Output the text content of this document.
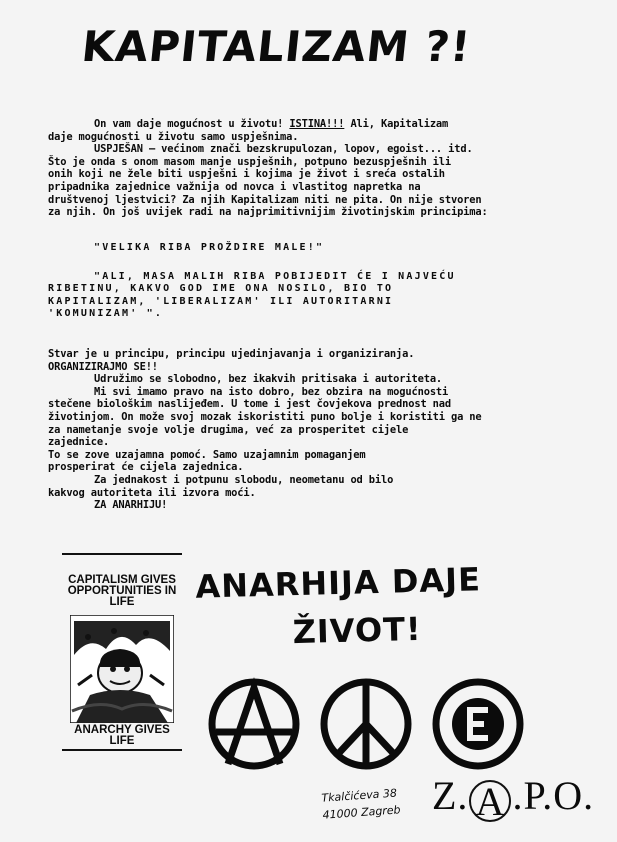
KAPITALIZAM ?!

On vam daje mogućnost u životu! ISTINA!!! Ali, Kapitalizam

daje mogućnosti u životu samo uspješnima.

USPJEŠAN – većinom znači bezskrupulozan, lopov, egoist... itd.

Što je onda s onom masom manje uspješnih, potpuno bezuspješnih ili

onih koji ne žele biti uspješni i kojima je život i sreća ostalih

pripadnika zajednice važnija od novca i vlastitog napretka na

društvenoj ljestvici? Za njih Kapitalizam niti ne pita. On nije stvoren

za njih. On još uvijek radi na najprimitivnijim životinjskim principima:

"VELIKA RIBA PROŽDIRE MALE!"

"ALI, MASA MALIH RIBA POBIJEDIT ĆE I NAJVEĆU

RIBETINU, KAKVO GOD IME ONA NOSILO, BIO TO

KAPITALIZAM, 'LIBERALIZAM' ILI AUTORITARNI

'KOMUNIZAM' ".

Stvar je u principu, principu ujedinjavanja i organiziranja.

ORGANIZIRAJMO SE!!

Udružimo se slobodno, bez ikakvih pritisaka i autoriteta.

Mi svi imamo pravo na isto dobro, bez obzira na mogućnosti

stečene biološkim naslijeđem. U tome i jest čovjekova prednost nad

životinjom. On može svoj mozak iskoristiti puno bolje i koristiti ga ne

za nametanje svoje volje drugima, već za prosperitet cijele

zajednice.

To se zove uzajamna pomoć. Samo uzajamnim pomaganjem

prosperirat će cijela zajednica.

Za jednakost i potpunu slobodu, neometanu od bilo

kakvog autoriteta ili izvora moći.

ZA ANARHIJU!

CAPITALISM GIVES OPPORTUNITIES IN LIFE
ANARCHY GIVES LIFE
ANARHIJA DAJE
ŽIVOT!
Tkalčićeva 38
41000 Zagreb Z. A .P.O.
